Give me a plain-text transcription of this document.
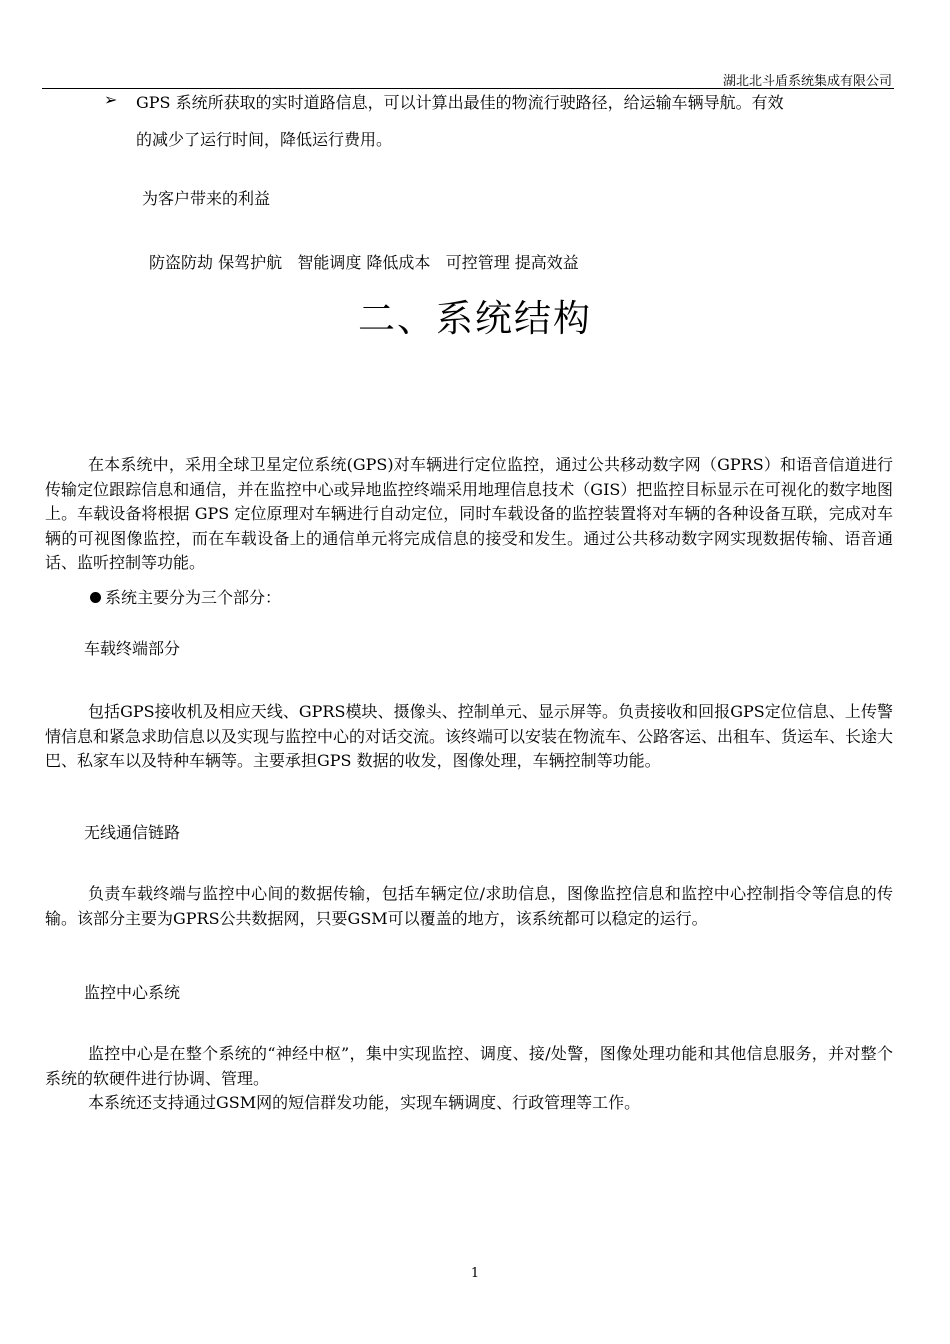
湖北北斗盾系统集成有限公司
➢ GPS 系统所获取的实时道路信息，可以计算出最佳的物流行驶路径，给运输车辆导航。有效
的减少了运行时间，降低运行费用。
为客户带来的利益
防盗防劫 保驾护航   智能调度 降低成本   可控管理 提高效益
二、系统结构

在本系统中，采用全球卫星定位系统(GPS)对车辆进行定位监控，通过公共移动数字网（GPRS）和语音信道进行传输定位跟踪信息和通信，并在监控中心或异地监控终端采用地理信息技术（GIS）把监控目标显示在可视化的数字地图上。车载设备将根据 GPS 定位原理对车辆进行自动定位，同时车载设备的监控装置将对车辆的各种设备互联，完成对车辆的可视图像监控，而在车载设备上的通信单元将完成信息的接受和发生。通过公共移动数字网实现数据传输、语音通话、监听控制等功能。

系统主要分为三个部分：
车载终端部分

包括GPS接收机及相应天线、GPRS模块、摄像头、控制单元、显示屏等。负责接收和回报GPS定位信息、上传警情信息和紧急求助信息以及实现与监控中心的对话交流。该终端可以安装在物流车、公路客运、出租车、货运车、长途大巴、私家车以及特种车辆等。主要承担GPS 数据的收发，图像处理，车辆控制等功能。

无线通信链路

负责车载终端与监控中心间的数据传输，包括车辆定位/求助信息，图像监控信息和监控中心控制指令等信息的传输。该部分主要为GPRS公共数据网，只要GSM可以覆盖的地方，该系统都可以稳定的运行。

监控中心系统

监控中心是在整个系统的“神经中枢”，集中实现监控、调度、接/处警，图像处理功能和其他信息服务，并对整个系统的软硬件进行协调、管理。

本系统还支持通过GSM网的短信群发功能，实现车辆调度、行政管理等工作。

1
